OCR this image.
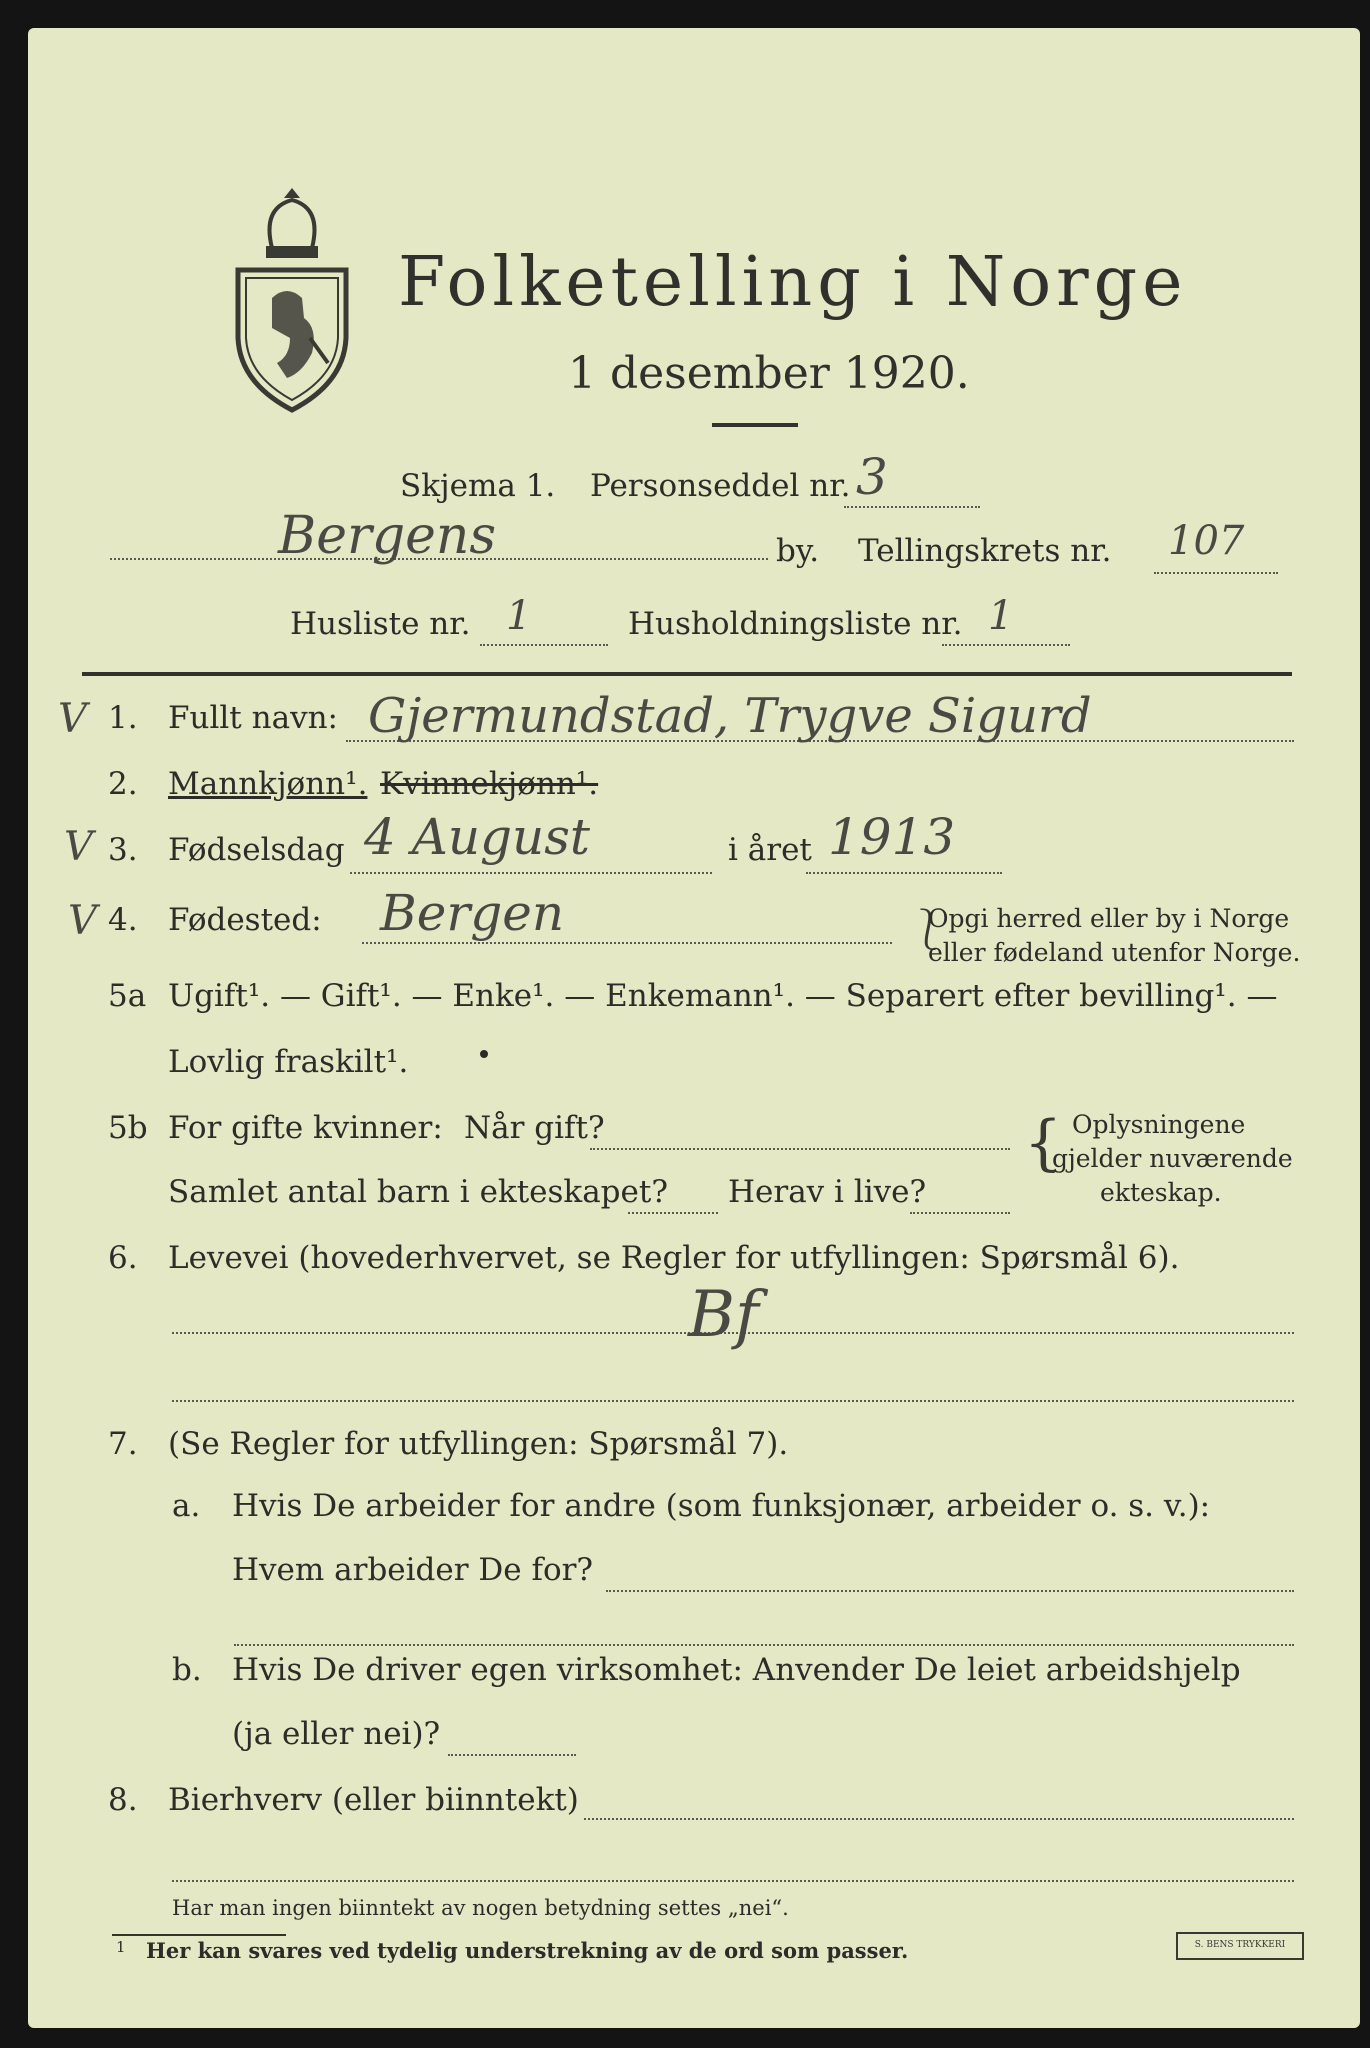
Folketelling i Norge
1 desember 1920.
Skjema 1. Personseddel nr. 3
Bergens	by. Tellingskrets nr. 107
Husliste nr. 1	Husholdningsliste nr. 1
V 1. Fullt navn: Gjermundstad, Trygve Sigurd
2. Mannkjønn¹. Kvinnekjønn¹.
V 3. Fødselsdag 4 August	i året 1913
V 4. Fødested: Bergen	⎱
Opgi herred eller by i Norge
eller fødeland utenfor Norge.
5a Ugift¹. — Gift¹. — Enke¹. — Enkemann¹. — Separert efter bevilling¹. —
Lovlig fraskilt¹.
5b For gifte kvinner: Når gift?
Samlet antal barn i ekteskapet? Herav i live?
{ Oplysningene
gjelder nuværende
ekteskap.
6. Levevei (hovederhvervet, se Regler for utfyllingen: Spørsmål 6).
Bf
7. (Se Regler for utfyllingen: Spørsmål 7).
a. Hvis De arbeider for andre (som funksjonær, arbeider o. s. v.):
Hvem arbeider De for?
b. Hvis De driver egen virksomhet: Anvender De leiet arbeidshjelp
(ja eller nei)?
8. Bierhverv (eller biinntekt)
Har man ingen biinntekt av nogen betydning settes „nei“.
1 Her kan svares ved tydelig understrekning av de ord som passer.	S. BENS TRYKKERI
